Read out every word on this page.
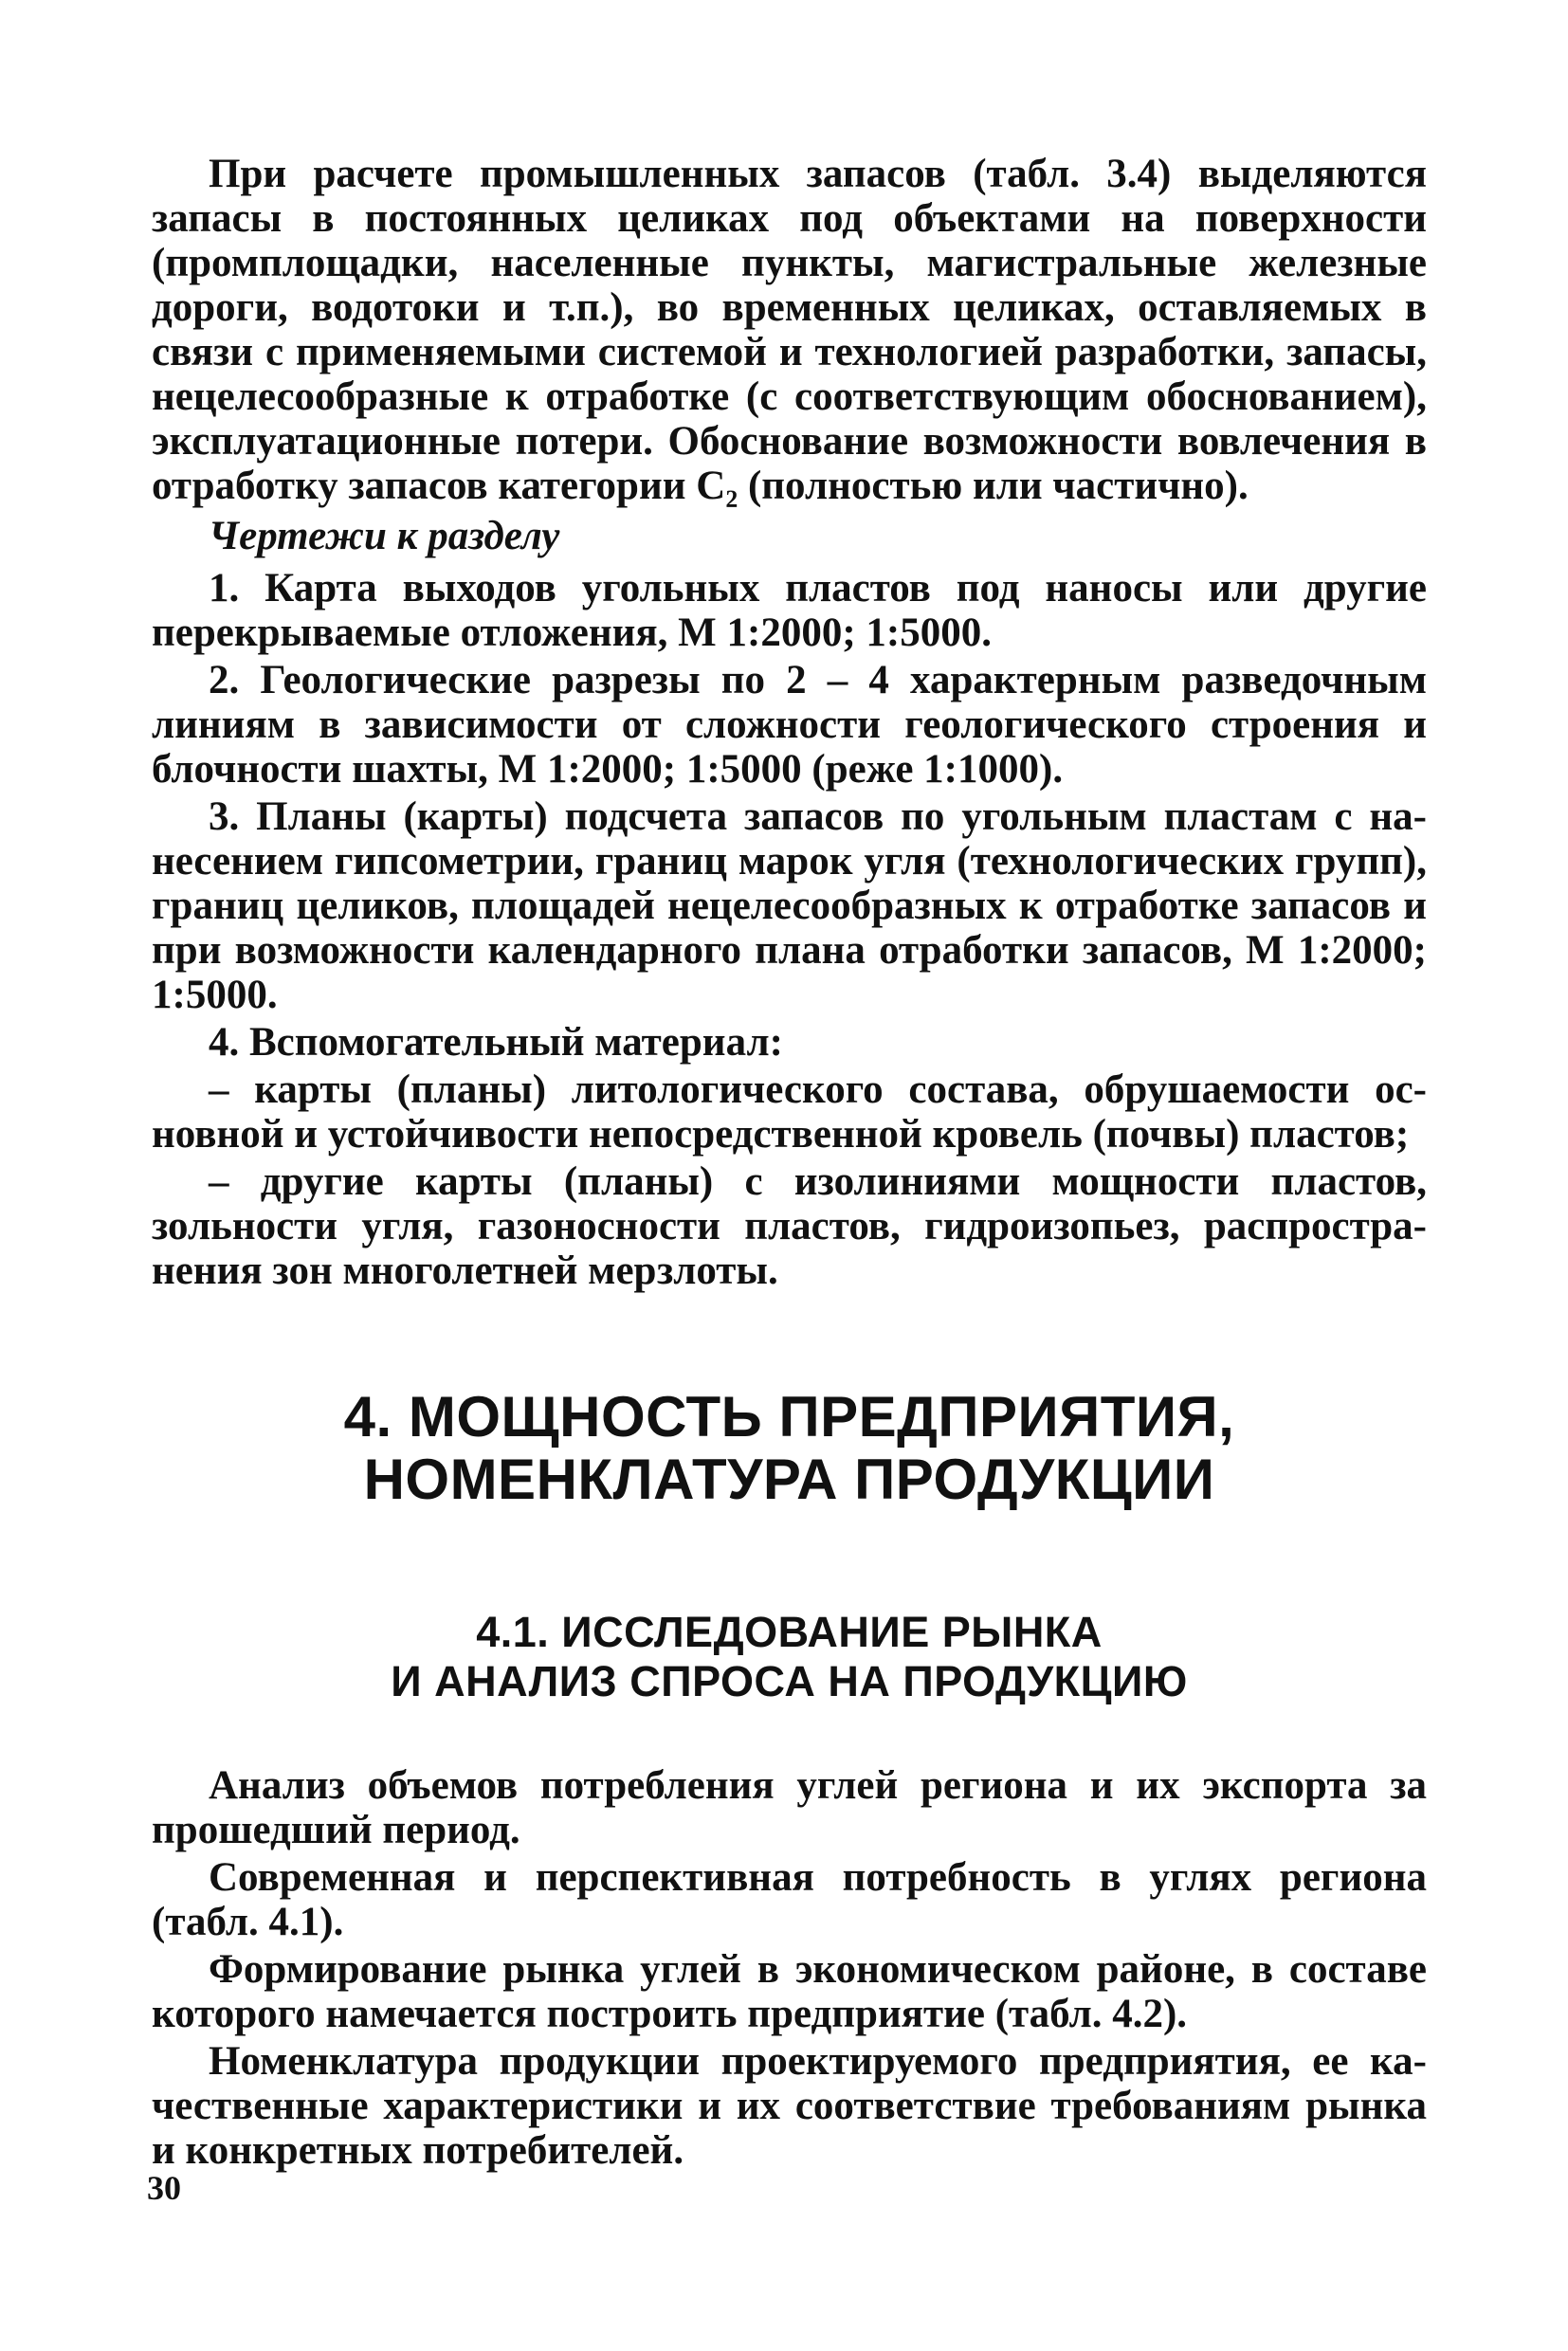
При расчете промышленных запасов (табл. 3.4) выделяются запасы в постоянных целиках под объектами на поверхности (промплощадки, населенные пункты, магистральные железные дороги, водотоки и т.п.), во временных целиках, оставляемых в связи с применяемыми системой и технологией разработки, запасы, нецелесообразные к отработке (с соответствующим обоснованием), эксплуатационные потери. Обоснование возможности вовлечения в отработку запасов категории С₂ (полностью или частично).

Чертежи к разделу

1. Карта выходов угольных пластов под наносы или другие перекрываемые отложения, М 1:2000; 1:5000.

2. Геологические разрезы по 2 – 4 характерным разведочным линиям в зависимости от сложности геологического строения и блочности шахты, М 1:2000; 1:5000 (реже 1:1000).

3. Планы (карты) подсчета запасов по угольным пластам с нанесением гипсометрии, границ марок угля (технологических групп), границ целиков, площадей нецелесообразных к отработке запасов и при возможности календарного плана отработки запасов, М 1:2000; 1:5000.

4. Вспомогательный материал:

– карты (планы) литологического состава, обрушаемости основной и устойчивости непосредственной кровель (почвы) пластов;

– другие карты (планы) с изолиниями мощности пластов, зольности угля, газоносности пластов, гидроизопьез, распространения зон многолетней мерзлоты.

4. МОЩНОСТЬ ПРЕДПРИЯТИЯ,
НОМЕНКЛАТУРА ПРОДУКЦИИ
4.1. ИССЛЕДОВАНИЕ РЫНКА
И АНАЛИЗ СПРОСА НА ПРОДУКЦИЮ

Анализ объемов потребления углей региона и их экспорта за прошедший период.

Современная и перспективная потребность в углях региона (табл. 4.1).

Формирование рынка углей в экономическом районе, в составе которого намечается построить предприятие (табл. 4.2).

Номенклатура продукции проектируемого предприятия, ее качественные характеристики и их соответствие требованиям рынка и конкретных потребителей.

30
